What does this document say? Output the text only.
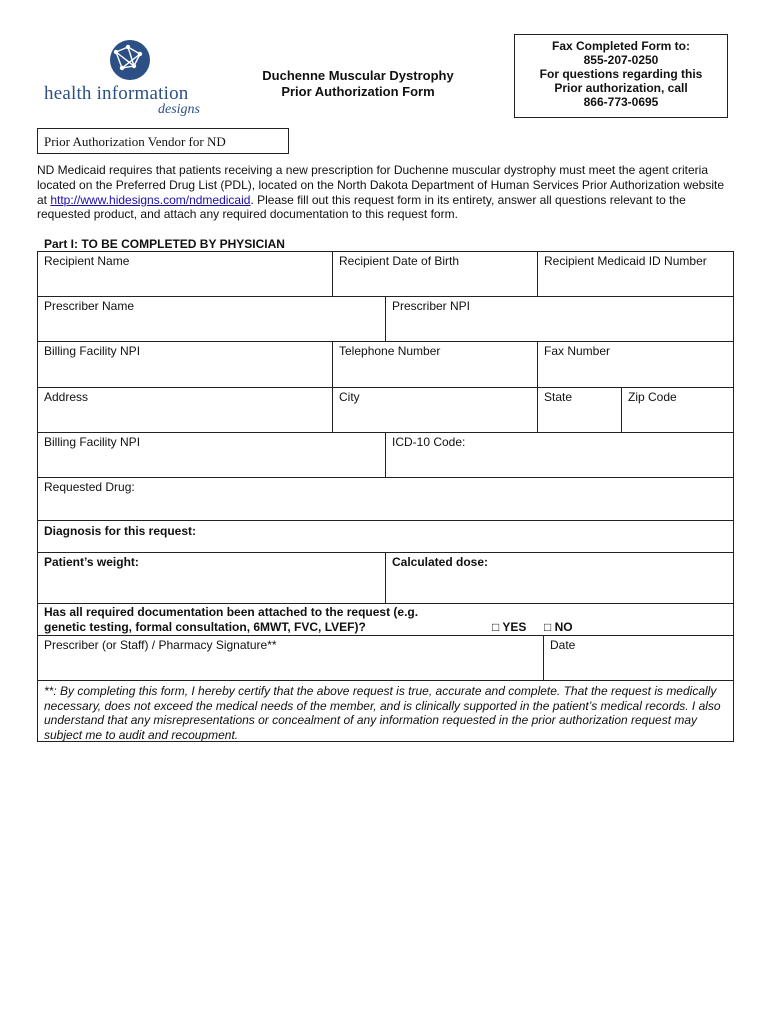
health information
designs
Duchenne Muscular Dystrophy
Prior Authorization Form
Fax Completed Form to:
855-207-0250
For questions regarding this
Prior authorization, call
866-773-0695
Prior Authorization Vendor for ND
ND Medicaid requires that patients receiving a new prescription for Duchenne muscular dystrophy must meet the agent criteria located on the Preferred Drug List (PDL), located on the North Dakota Department of Human Services Prior Authorization website at http://www.hidesigns.com/ndmedicaid. Please fill out this request form in its entirety, answer all questions relevant to the requested product, and attach any required documentation to this request form.
Part I: TO BE COMPLETED BY PHYSICIAN
Recipient Name	Recipient Date of Birth	Recipient Medicaid ID Number
Prescriber Name	Prescriber NPI
Billing Facility NPI	Telephone Number	Fax Number
Address	City	State	Zip Code
Billing Facility NPI	ICD-10 Code:
Requested Drug:
Diagnosis for this request:
Patient’s weight:	Calculated dose:
Has all required documentation been attached to the request (e.g.
genetic testing, formal consultation, 6MWT, FVC, LVEF)?	□ YES □ NO
Prescriber (or Staff) / Pharmacy Signature**	Date
**: By completing this form, I hereby certify that the above request is true, accurate and complete. That the request is medically necessary, does not exceed the medical needs of the member, and is clinically supported in the patient’s medical records. I also understand that any misrepresentations or concealment of any information requested in the prior authorization request may subject me to audit and recoupment.
